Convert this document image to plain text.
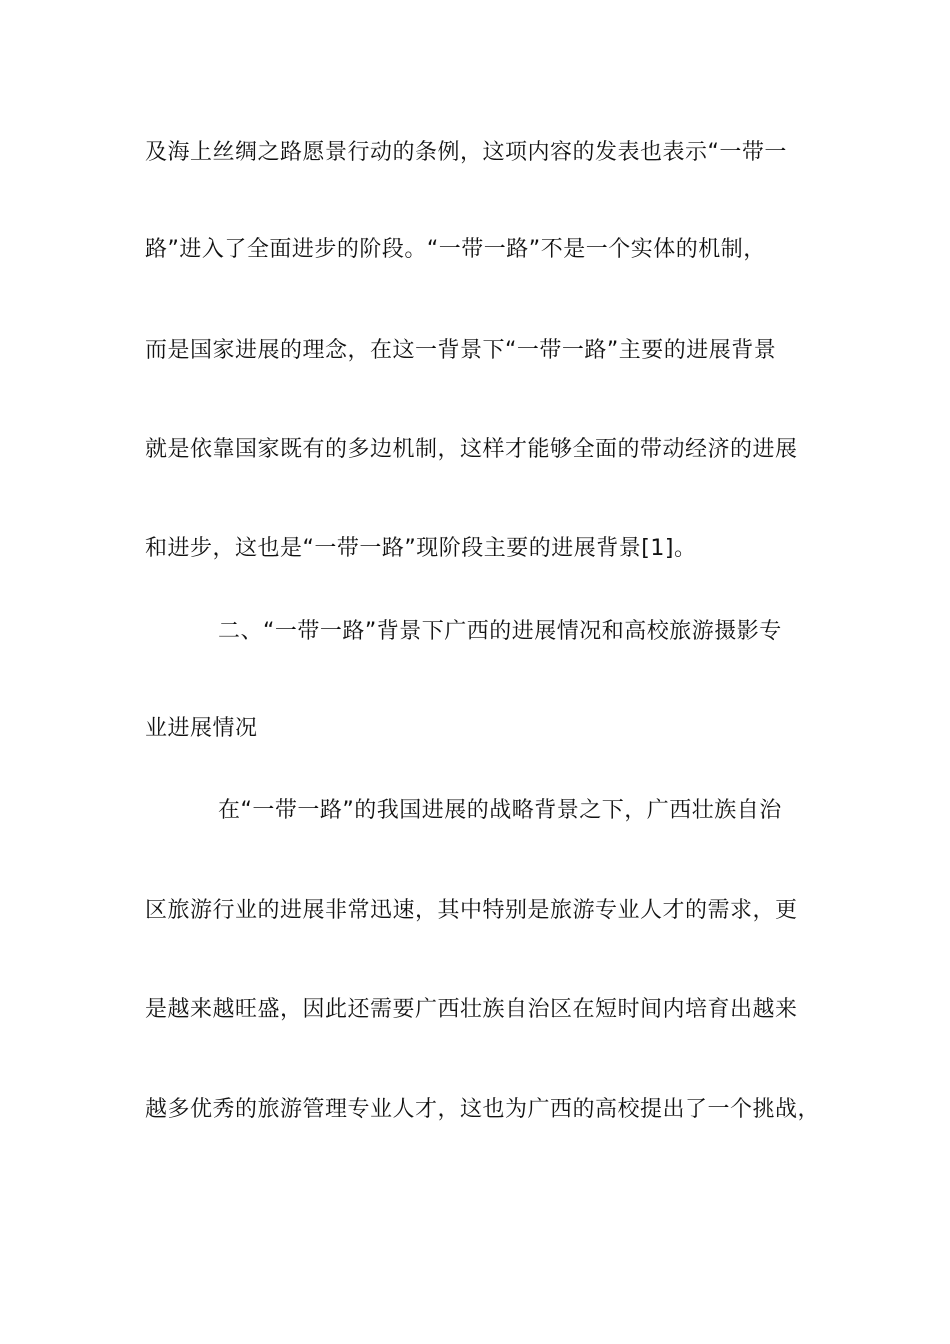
及海上丝绸之路愿景行动的条例，这项内容的发表也表示“一带一

路”进入了全面进步的阶段。“一带一路”不是一个实体的机制，

而是国家进展的理念，在这一背景下“一带一路”主要的进展背景

就是依靠国家既有的多边机制，这样才能够全面的带动经济的进展

和进步，这也是“一带一路”现阶段主要的进展背景[1]。

二、“一带一路”背景下广西的进展情况和高校旅游摄影专

业进展情况

在“一带一路”的我国进展的战略背景之下，广西壮族自治

区旅游行业的进展非常迅速，其中特别是旅游专业人才的需求，更

是越来越旺盛，因此还需要广西壮族自治区在短时间内培育出越来

越多优秀的旅游管理专业人才，这也为广西的高校提出了一个挑战，
